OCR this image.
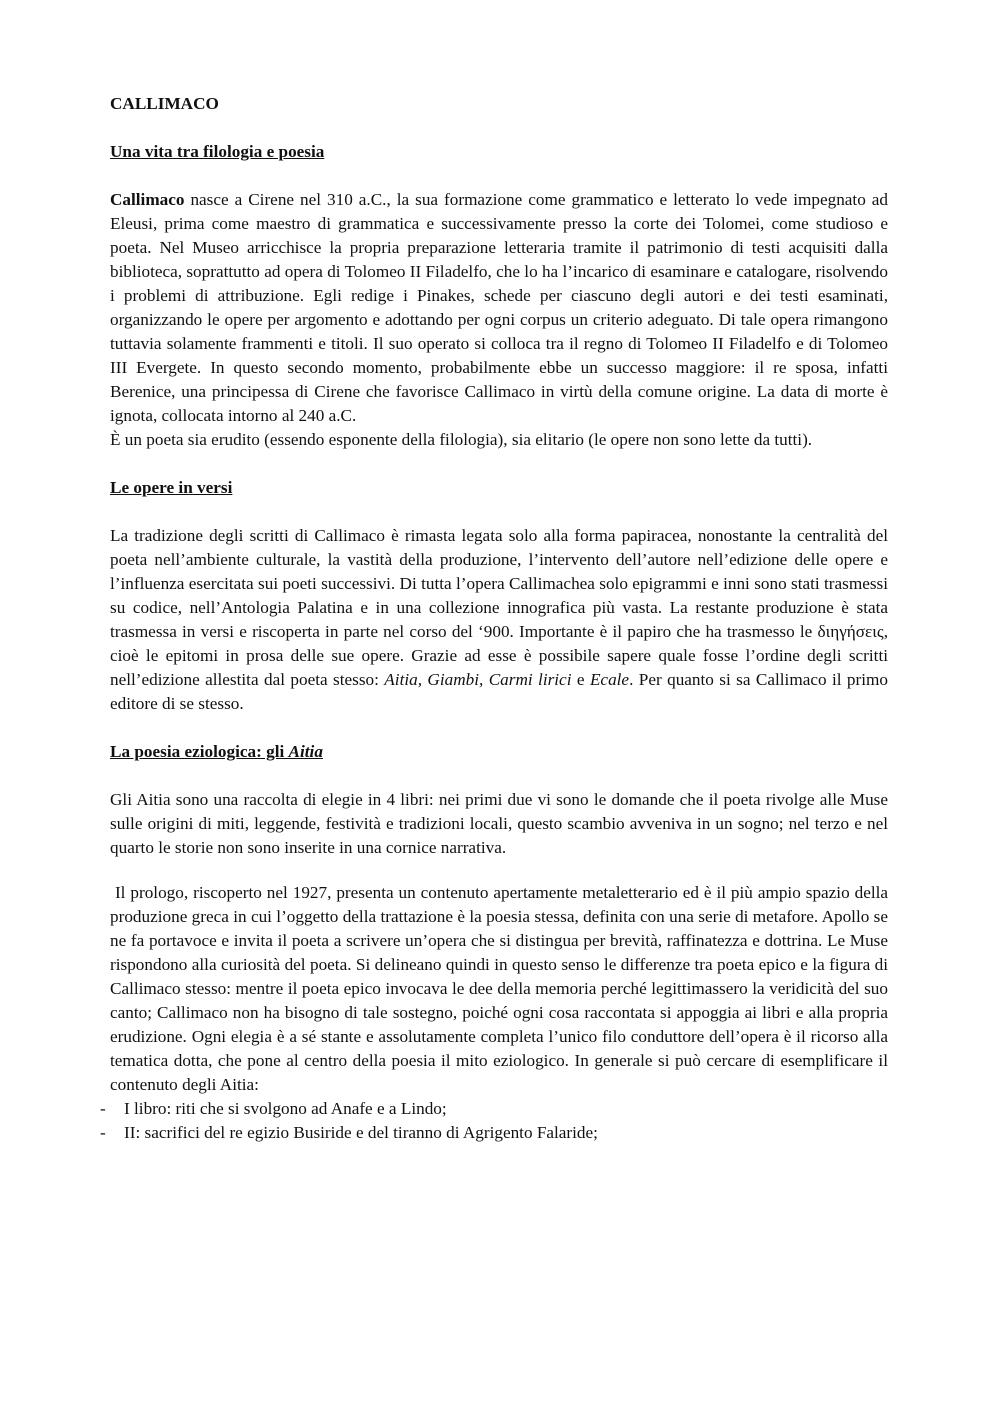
CALLIMACO
Una vita tra filologia e poesia

Callimaco nasce a Cirene nel 310 a.C., la sua formazione come grammatico e letterato lo vede impegnato ad Eleusi, prima come maestro di grammatica e successivamente presso la corte dei Tolomei, come studioso e poeta. Nel Museo arricchisce la propria preparazione letteraria tramite il patrimonio di testi acquisiti dalla biblioteca, soprattutto ad opera di Tolomeo II Filadelfo, che lo ha l’incarico di esaminare e catalogare, risolvendo i problemi di attribuzione. Egli redige i Pinakes, schede per ciascuno degli autori e dei testi esaminati, organizzando le opere per argomento e adottando per ogni corpus un criterio adeguato. Di tale opera rimangono tuttavia solamente frammenti e titoli. Il suo operato si colloca tra il regno di Tolomeo II Filadelfo e di Tolomeo III Evergete. In questo secondo momento, probabilmente ebbe un successo maggiore: il re sposa, infatti Berenice, una principessa di Cirene che favorisce Callimaco in virtù della comune origine. La data di morte è ignota, collocata intorno al 240 a.C.

È un poeta sia erudito (essendo esponente della filologia), sia elitario (le opere non sono lette da tutti).

Le opere in versi

La tradizione degli scritti di Callimaco è rimasta legata solo alla forma papiracea, nonostante la centralità del poeta nell’ambiente culturale, la vastità della produzione, l’intervento dell’autore nell’edizione delle opere e l’influenza esercitata sui poeti successivi. Di tutta l’opera Callimachea solo epigrammi e inni sono stati trasmessi su codice, nell’Antologia Palatina e in una collezione innografica più vasta. La restante produzione è stata trasmessa in versi e riscoperta in parte nel corso del ‘900. Importante è il papiro che ha trasmesso le διηγήσεις, cioè le epitomi in prosa delle sue opere. Grazie ad esse è possibile sapere quale fosse l’ordine degli scritti nell’edizione allestita dal poeta stesso: Aitia, Giambi, Carmi lirici e Ecale. Per quanto si sa Callimaco il primo editore di se stesso.

La poesia eziologica: gli Aitia

Gli Aitia sono una raccolta di elegie in 4 libri: nei primi due vi sono le domande che il poeta rivolge alle Muse sulle origini di miti, leggende, festività e tradizioni locali, questo scambio avveniva in un sogno; nel terzo e nel quarto le storie non sono inserite in una cornice narrativa.

Il prologo, riscoperto nel 1927, presenta un contenuto apertamente metaletterario ed è il più ampio spazio della produzione greca in cui l’oggetto della trattazione è la poesia stessa, definita con una serie di metafore. Apollo se ne fa portavoce e invita il poeta a scrivere un’opera che si distingua per brevità, raffinatezza e dottrina. Le Muse rispondono alla curiosità del poeta. Si delineano quindi in questo senso le differenze tra poeta epico e la figura di Callimaco stesso: mentre il poeta epico invocava le dee della memoria perché legittimassero la veridicità del suo canto; Callimaco non ha bisogno di tale sostegno, poiché ogni cosa raccontata si appoggia ai libri e alla propria erudizione. Ogni elegia è a sé stante e assolutamente completa l’unico filo conduttore dell’opera è il ricorso alla tematica dotta, che pone al centro della poesia il mito eziologico. In generale si può cercare di esemplificare il contenuto degli Aitia:

- I libro: riti che si svolgono ad Anafe e a Lindo;
- II: sacrifici del re egizio Busiride e del tiranno di Agrigento Falaride;
